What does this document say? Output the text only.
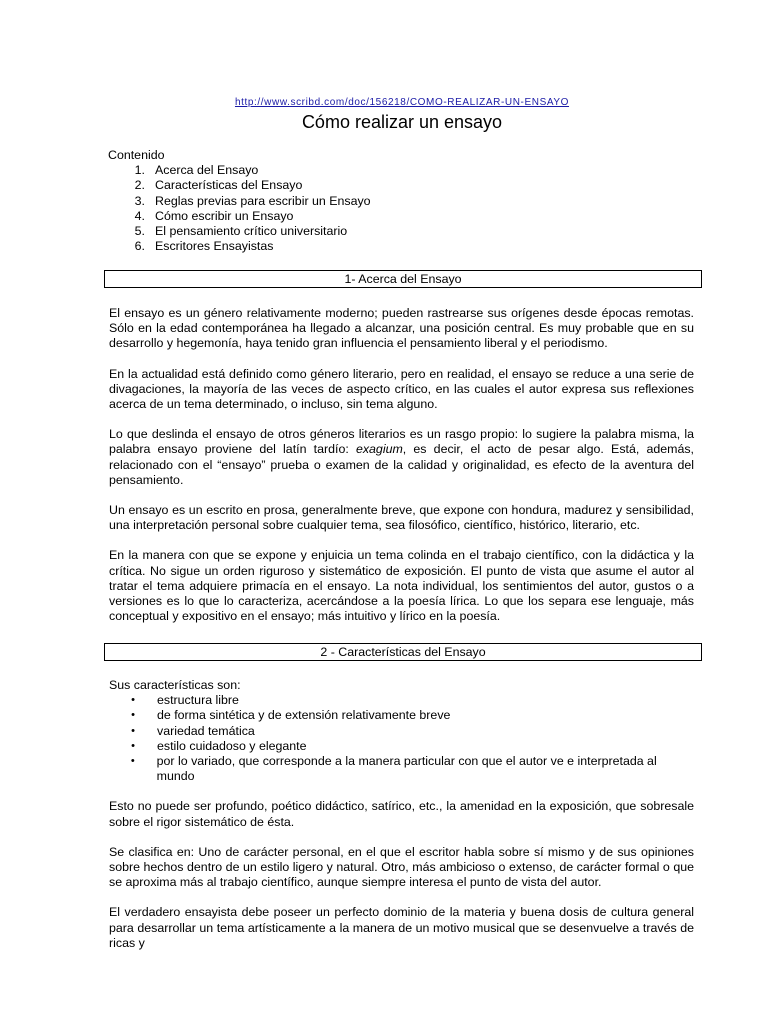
http://www.scribd.com/doc/156218/COMO-REALIZAR-UN-ENSAYO
Cómo realizar un ensayo
Contenido
1. Acerca del Ensayo
2. Características del Ensayo
3. Reglas previas para escribir un Ensayo
4. Cómo escribir un Ensayo
5. El pensamiento crítico universitario
6. Escritores Ensayistas
1- Acerca del Ensayo

El ensayo es un género relativamente moderno; pueden rastrearse sus orígenes desde épocas remotas. Sólo en la edad contemporánea ha llegado a alcanzar, una posición central. Es muy probable que en su desarrollo y hegemonía, haya tenido gran influencia el pensamiento liberal y el periodismo.

En la actualidad está definido como género literario, pero en realidad, el ensayo se reduce a una serie de divagaciones, la mayoría de las veces de aspecto crítico, en las cuales el autor expresa sus reflexiones acerca de un tema determinado, o incluso, sin tema alguno.

Lo que deslinda el ensayo de otros géneros literarios es un rasgo propio: lo sugiere la palabra misma, la palabra ensayo proviene del latín tardío: exagium, es decir, el acto de pesar algo. Está, además, relacionado con el “ensayo” prueba o examen de la calidad y originalidad, es efecto de la aventura del pensamiento.

Un ensayo es un escrito en prosa, generalmente breve, que expone con hondura, madurez y sensibilidad, una interpretación personal sobre cualquier tema, sea filosófico, científico, histórico, literario, etc.

En la manera con que se expone y enjuicia un tema colinda en el trabajo científico, con la didáctica y la crítica. No sigue un orden riguroso y sistemático de exposición. El punto de vista que asume el autor al tratar el tema adquiere primacía en el ensayo. La nota individual, los sentimientos del autor, gustos o a versiones es lo que lo caracteriza, acercándose a la poesía lírica. Lo que los separa ese lenguaje, más conceptual y expositivo en el ensayo; más intuitivo y lírico en la poesía.

2 - Características del Ensayo

Sus características son:

•	estructura libre
•	de forma sintética y de extensión relativamente breve
•	variedad temática
•	estilo cuidadoso y elegante
•	por lo variado, que corresponde a la manera particular con que el autor ve e interpretada al mundo

Esto no puede ser profundo, poético didáctico, satírico, etc., la amenidad en la exposición, que sobresale sobre el rigor sistemático de ésta.

Se clasifica en: Uno de carácter personal, en el que el escritor habla sobre sí mismo y de sus opiniones sobre hechos dentro de un estilo ligero y natural. Otro, más ambicioso o extenso, de carácter formal o que se aproxima más al trabajo científico, aunque siempre interesa el punto de vista del autor.

El verdadero ensayista debe poseer un perfecto dominio de la materia y buena dosis de cultura general para desarrollar un tema artísticamente a la manera de un motivo musical que se desenvuelve a través de ricas y
